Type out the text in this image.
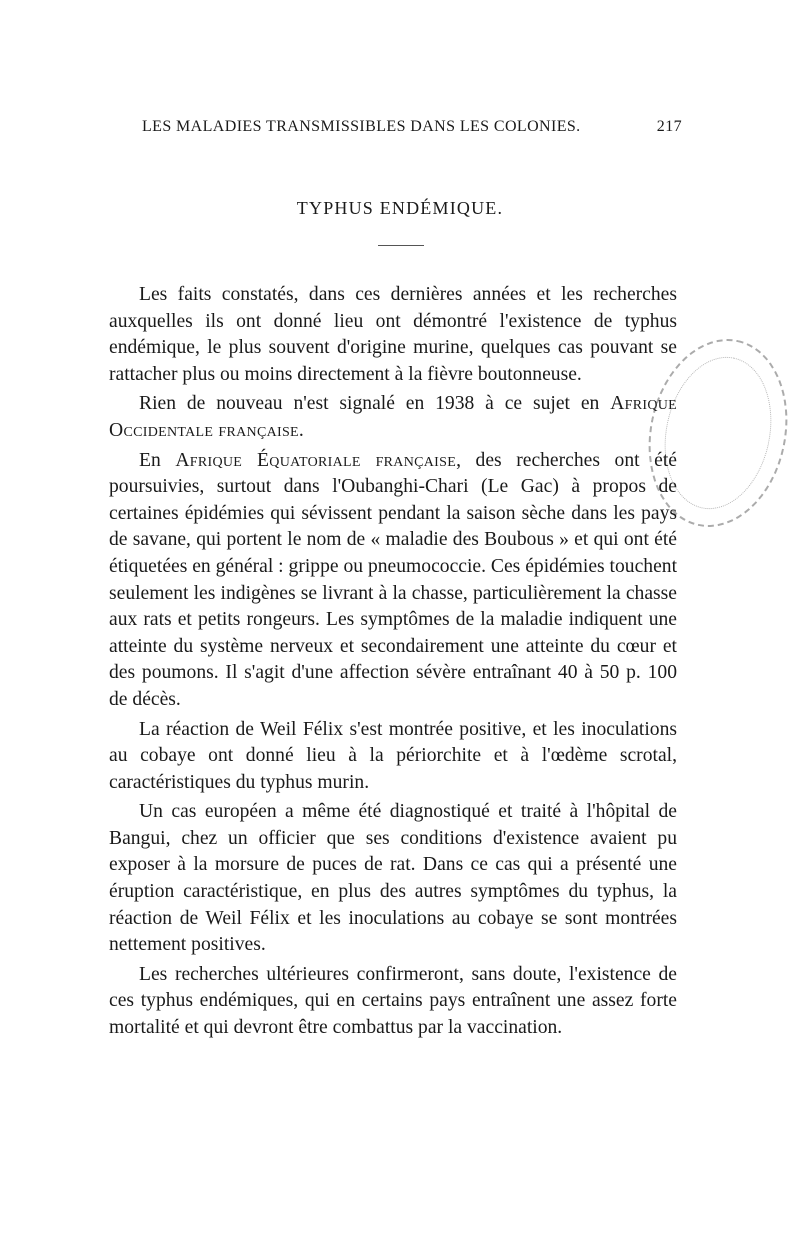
LES MALADIES TRANSMISSIBLES DANS LES COLONIES.	217
TYPHUS ENDÉMIQUE.

Les faits constatés, dans ces dernières années et les recherches auxquelles ils ont donné lieu ont démontré l'existence de typhus endémique, le plus souvent d'origine murine, quelques cas pouvant se rattacher plus ou moins directement à la fièvre boutonneuse.

Rien de nouveau n'est signalé en 1938 à ce sujet en Afrique Occidentale française.

En Afrique Équatoriale française, des recherches ont été poursuivies, surtout dans l'Oubanghi-Chari (Le Gac) à propos de certaines épidémies qui sévissent pendant la saison sèche dans les pays de savane, qui portent le nom de « maladie des Boubous » et qui ont été étiquetées en général : grippe ou pneumococcie. Ces épidémies touchent seulement les indigènes se livrant à la chasse, particulièrement la chasse aux rats et petits rongeurs. Les symptômes de la maladie indiquent une atteinte du système nerveux et secondairement une atteinte du cœur et des poumons. Il s'agit d'une affection sévère entraînant 40 à 50 p. 100 de décès.

La réaction de Weil Félix s'est montrée positive, et les inoculations au cobaye ont donné lieu à la périorchite et à l'œdème scrotal, caractéristiques du typhus murin.

Un cas européen a même été diagnostiqué et traité à l'hôpital de Bangui, chez un officier que ses conditions d'existence avaient pu exposer à la morsure de puces de rat. Dans ce cas qui a présenté une éruption caractéristique, en plus des autres symptômes du typhus, la réaction de Weil Félix et les inoculations au cobaye se sont montrées nettement positives.

Les recherches ultérieures confirmeront, sans doute, l'existence de ces typhus endémiques, qui en certains pays entraînent une assez forte mortalité et qui devront être combattus par la vaccination.
